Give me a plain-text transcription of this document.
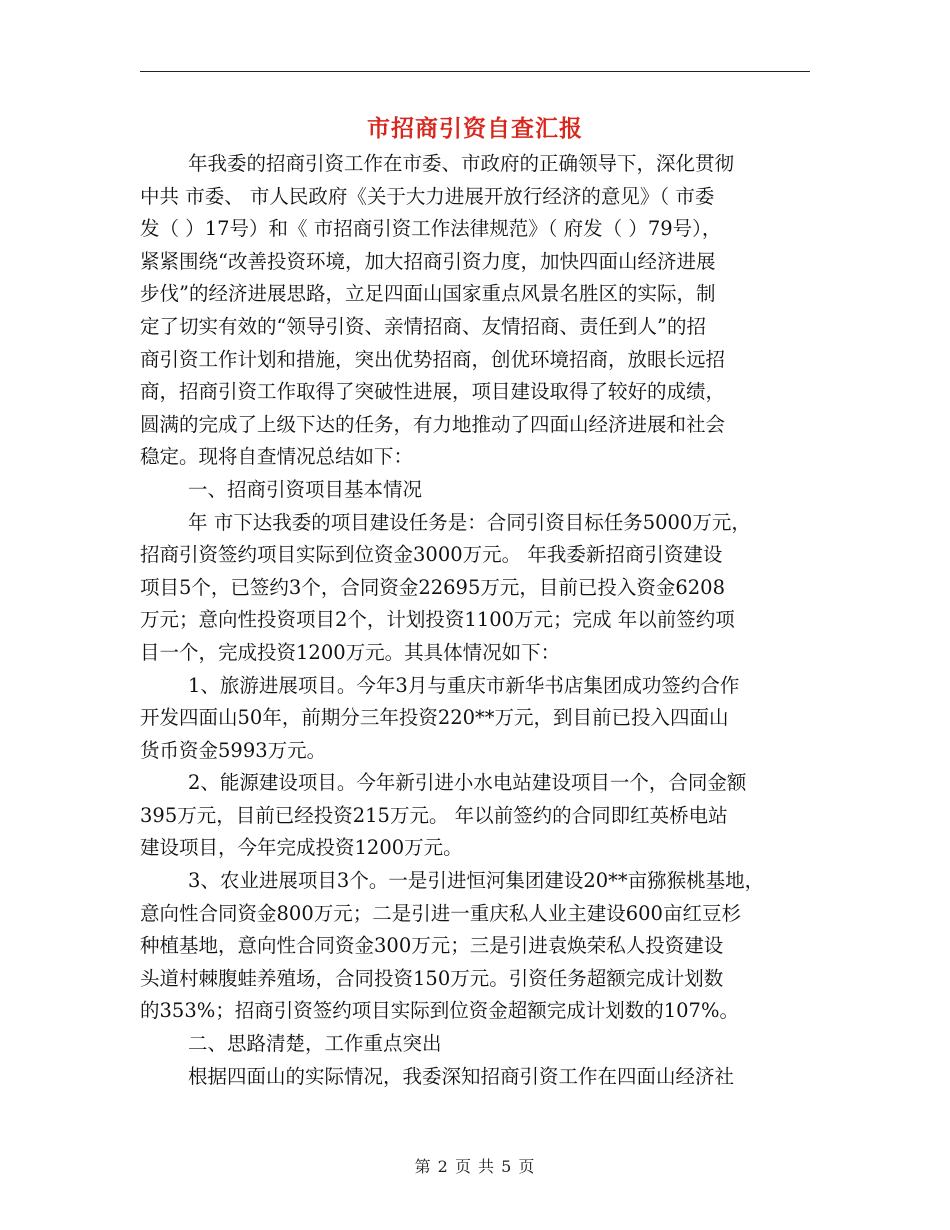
市招商引资自查汇报
年我委的招商引资工作在市委、市政府的正确领导下，深化贯彻
中共 市委、 市人民政府《关于大力进展开放行经济的意见》（ 市委
发（ ）17号）和《 市招商引资工作法律规范》（ 府发（ ）79号），
紧紧围绕“改善投资环境，加大招商引资力度，加快四面山经济进展
步伐”的经济进展思路，立足四面山国家重点风景名胜区的实际，制
定了切实有效的“领导引资、亲情招商、友情招商、责任到人”的招
商引资工作计划和措施，突出优势招商，创优环境招商，放眼长远招
商，招商引资工作取得了突破性进展，项目建设取得了较好的成绩，
圆满的完成了上级下达的任务，有力地推动了四面山经济进展和社会
稳定。现将自查情况总结如下：
一、招商引资项目基本情况
年 市下达我委的项目建设任务是：合同引资目标任务5000万元，
招商引资签约项目实际到位资金3000万元。 年我委新招商引资建设
项目5个，已签约3个，合同资金22695万元，目前已投入资金6208
万元；意向性投资项目2个，计划投资1100万元；完成 年以前签约项
目一个，完成投资1200万元。其具体情况如下：
1、旅游进展项目。今年3月与重庆市新华书店集团成功签约合作
开发四面山50年，前期分三年投资220**万元，到目前已投入四面山
货币资金5993万元。
2、能源建设项目。今年新引进小水电站建设项目一个，合同金额
395万元，目前已经投资215万元。 年以前签约的合同即红英桥电站
建设项目，今年完成投资1200万元。
3、农业进展项目3个。一是引进恒河集团建设20**亩猕猴桃基地，
意向性合同资金800万元；二是引进一重庆私人业主建设600亩红豆杉
种植基地，意向性合同资金300万元；三是引进袁焕荣私人投资建设
头道村棘腹蛙养殖场，合同投资150万元。引资任务超额完成计划数
的353%；招商引资签约项目实际到位资金超额完成计划数的107%。
二、思路清楚，工作重点突出
根据四面山的实际情况，我委深知招商引资工作在四面山经济社
第 2 页 共 5 页
